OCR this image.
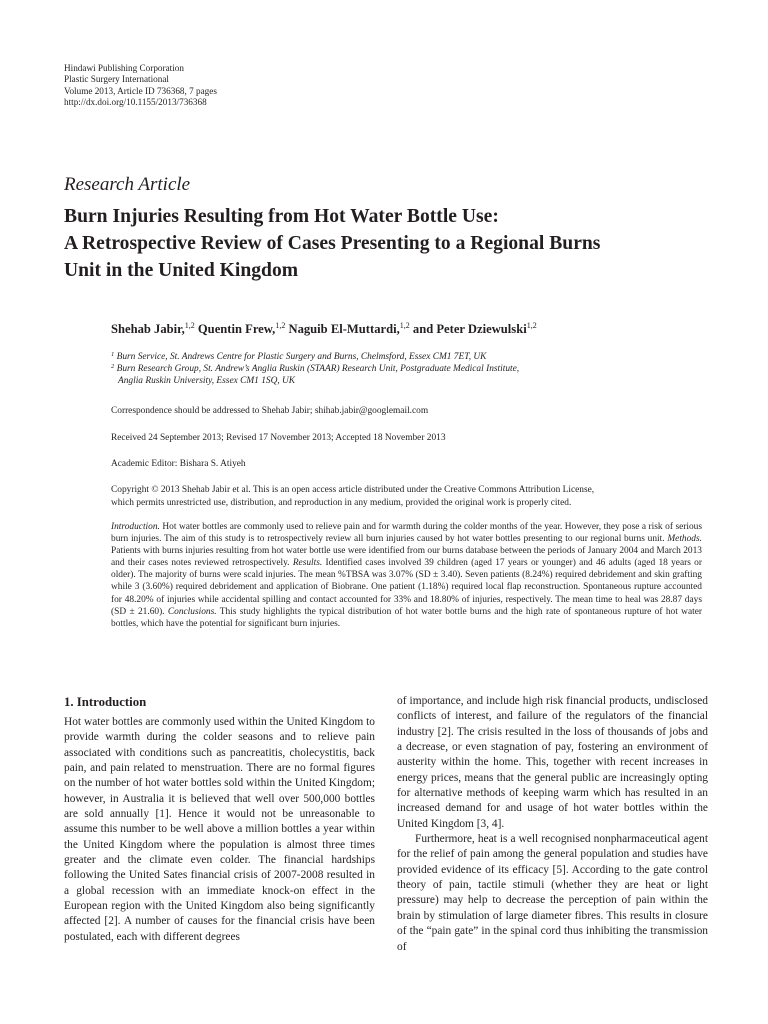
Hindawi Publishing Corporation
Plastic Surgery International
Volume 2013, Article ID 736368, 7 pages
http://dx.doi.org/10.1155/2013/736368
Research Article
Burn Injuries Resulting from Hot Water Bottle Use:
A Retrospective Review of Cases Presenting to a Regional Burns
Unit in the United Kingdom
Shehab Jabir,$^{1,2}$ Quentin Frew,$^{1,2}$ Naguib El-Muttardi,$^{1,2}$ and Peter Dziewulski$^{1,2}$
$^1$ Burn Service, St. Andrews Centre for Plastic Surgery and Burns, Chelmsford, Essex CM1 7ET, UK
$^2$ Burn Research Group, St. Andrew’s Anglia Ruskin (STAAR) Research Unit, Postgraduate Medical Institute,
Anglia Ruskin University, Essex CM1 1SQ, UK
Correspondence should be addressed to Shehab Jabir; shihab.jabir@googlemail.com
Received 24 September 2013; Revised 17 November 2013; Accepted 18 November 2013
Academic Editor: Bishara S. Atiyeh
Copyright © 2013 Shehab Jabir et al. This is an open access article distributed under the Creative Commons Attribution License,
which permits unrestricted use, distribution, and reproduction in any medium, provided the original work is properly cited.
Introduction. Hot water bottles are commonly used to relieve pain and for warmth during the colder months of the year. However, they pose a risk of serious burn injuries. The aim of this study is to retrospectively review all burn injuries caused by hot water bottles presenting to our regional burns unit. Methods. Patients with burns injuries resulting from hot water bottle use were identified from our burns database between the periods of January 2004 and March 2013 and their cases notes reviewed retrospectively. Results. Identified cases involved 39 children (aged 17 years or younger) and 46 adults (aged 18 years or older). The majority of burns were scald injuries. The mean %TBSA was 3.07% (SD ± 3.40). Seven patients (8.24%) required debridement and skin grafting while 3 (3.60%) required debridement and application of Biobrane. One patient (1.18%) required local flap reconstruction. Spontaneous rupture accounted for 48.20% of injuries while accidental spilling and contact accounted for 33% and 18.80% of injuries, respectively. The mean time to heal was 28.87 days (SD ± 21.60). Conclusions. This study highlights the typical distribution of hot water bottle burns and the high rate of spontaneous rupture of hot water bottles, which have the potential for significant burn injuries.
1. Introduction

Hot water bottles are commonly used within the United Kingdom to provide warmth during the colder seasons and to relieve pain associated with conditions such as pancreatitis, cholecystitis, back pain, and pain related to menstruation. There are no formal figures on the number of hot water bottles sold within the United Kingdom; however, in Australia it is believed that well over 500,000 bottles are sold annually [1]. Hence it would not be unreasonable to assume this number to be well above a million bottles a year within the United Kingdom where the population is almost three times greater and the climate even colder. The financial hardships following the United Sates financial crisis of 2007-2008 resulted in a global recession with an immediate knock-on effect in the European region with the United Kingdom also being significantly affected [2]. A number of causes for the financial crisis have been postulated, each with different degrees

of importance, and include high risk financial products, undisclosed conflicts of interest, and failure of the regulators of the financial industry [2]. The crisis resulted in the loss of thousands of jobs and a decrease, or even stagnation of pay, fostering an environment of austerity within the home. This, together with recent increases in energy prices, means that the general public are increasingly opting for alternative methods of keeping warm which has resulted in an increased demand for and usage of hot water bottles within the United Kingdom [3, 4].

Furthermore, heat is a well recognised nonpharmaceutical agent for the relief of pain among the general population and studies have provided evidence of its efficacy [5]. According to the gate control theory of pain, tactile stimuli (whether they are heat or light pressure) may help to decrease the perception of pain within the brain by stimulation of large diameter fibres. This results in closure of the “pain gate” in the spinal cord thus inhibiting the transmission of
